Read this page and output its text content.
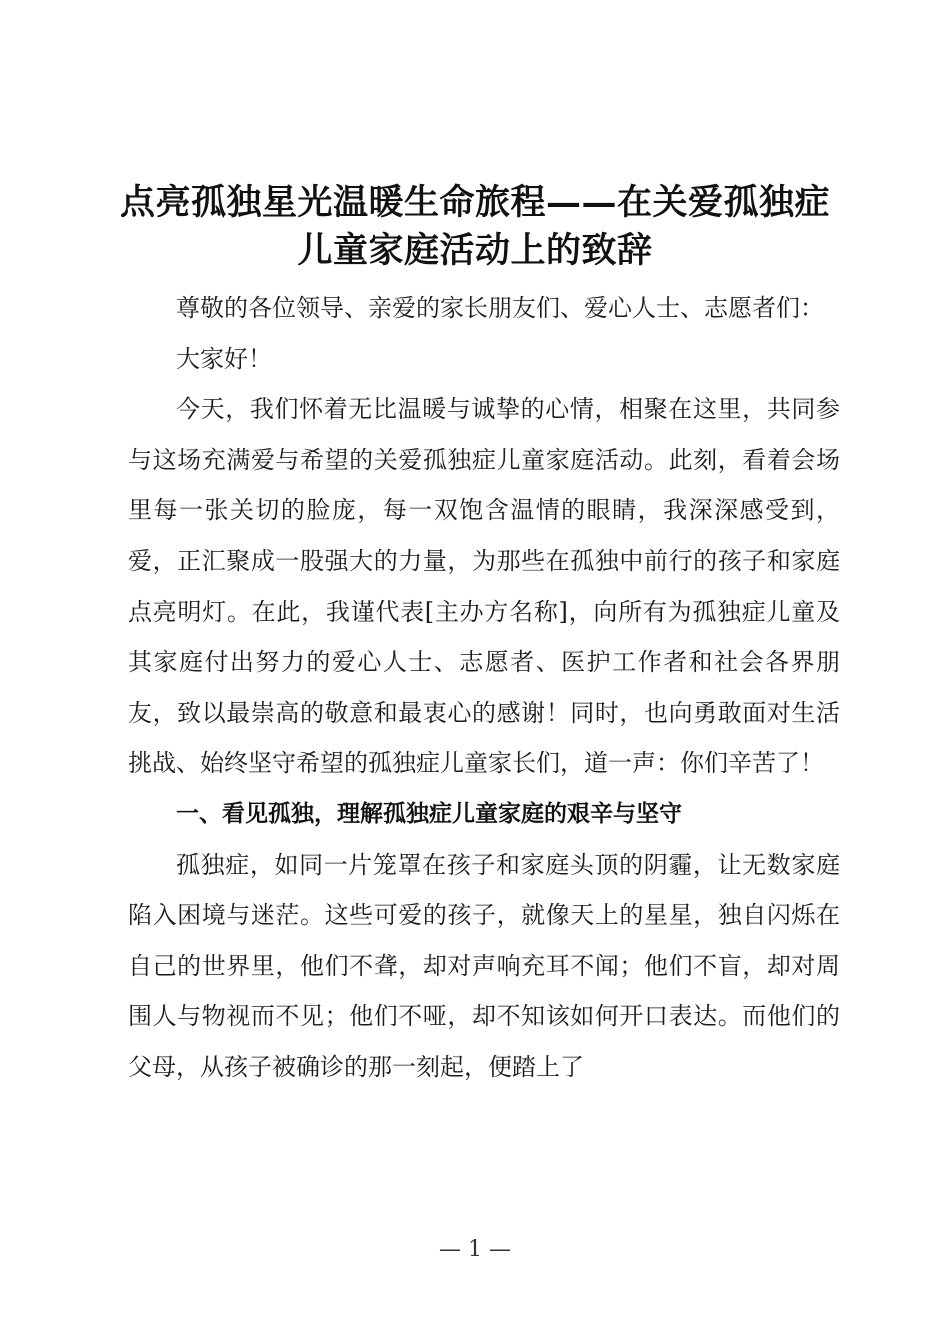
点亮孤独星光温暖生命旅程——在关爱孤独症
儿童家庭活动上的致辞

尊敬的各位领导、亲爱的家长朋友们、爱心人士、志愿者们：

大家好！

今天，我们怀着无比温暖与诚挚的心情，相聚在这里，共同参与这场充满爱与希望的关爱孤独症儿童家庭活动。此刻，看着会场里每一张关切的脸庞，每一双饱含温情的眼睛，我深深感受到，爱，正汇聚成一股强大的力量，为那些在孤独中前行的孩子和家庭点亮明灯。在此，我谨代表[主办方名称]，向所有为孤独症儿童及其家庭付出努力的爱心人士、志愿者、医护工作者和社会各界朋友，致以最崇高的敬意和最衷心的感谢！同时，也向勇敢面对生活挑战、始终坚守希望的孤独症儿童家长们，道一声：你们辛苦了！

一、看见孤独，理解孤独症儿童家庭的艰辛与坚守

孤独症，如同一片笼罩在孩子和家庭头顶的阴霾，让无数家庭陷入困境与迷茫。这些可爱的孩子，就像天上的星星，独自闪烁在自己的世界里，他们不聋，却对声响充耳不闻；他们不盲，却对周围人与物视而不见；他们不哑，却不知该如何开口表达。而他们的父母，从孩子被确诊的那一刻起，便踏上了

— 1 —
